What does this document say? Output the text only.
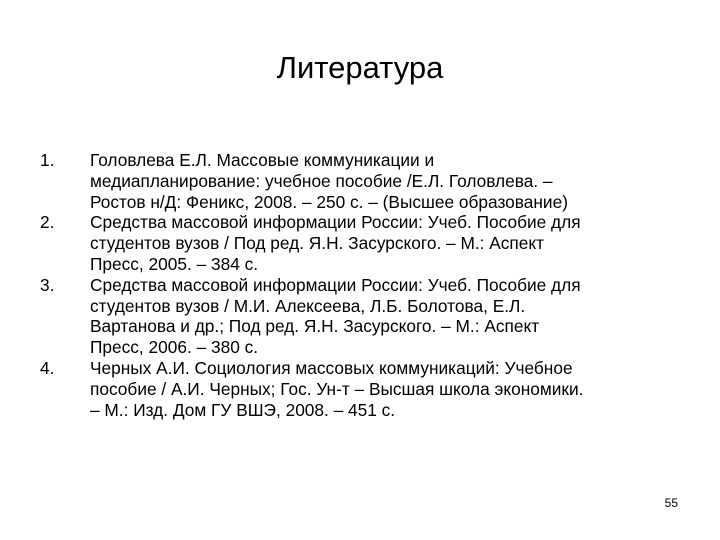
Литература
1.	Головлева Е.Л. Массовые коммуникации и
медиапланирование: учебное пособие /Е.Л. Головлева. –
Ростов н/Д: Феникс, 2008. – 250 с. – (Высшее образование)
2.	Средства массовой информации России: Учеб. Пособие для
студентов вузов / Под ред. Я.Н. Засурского. – М.: Аспект
Пресс, 2005. – 384 с.
3.	Средства массовой информации России: Учеб. Пособие для
студентов вузов / М.И. Алексеева, Л.Б. Болотова, Е.Л.
Вартанова и др.; Под ред. Я.Н. Засурского. – М.: Аспект
Пресс, 2006. – 380 с.
4.	Черных А.И. Социология массовых коммуникаций: Учебное
пособие / А.И. Черных; Гос. Ун-т – Высшая школа экономики.
– М.: Изд. Дом ГУ ВШЭ, 2008. – 451 с.
55
